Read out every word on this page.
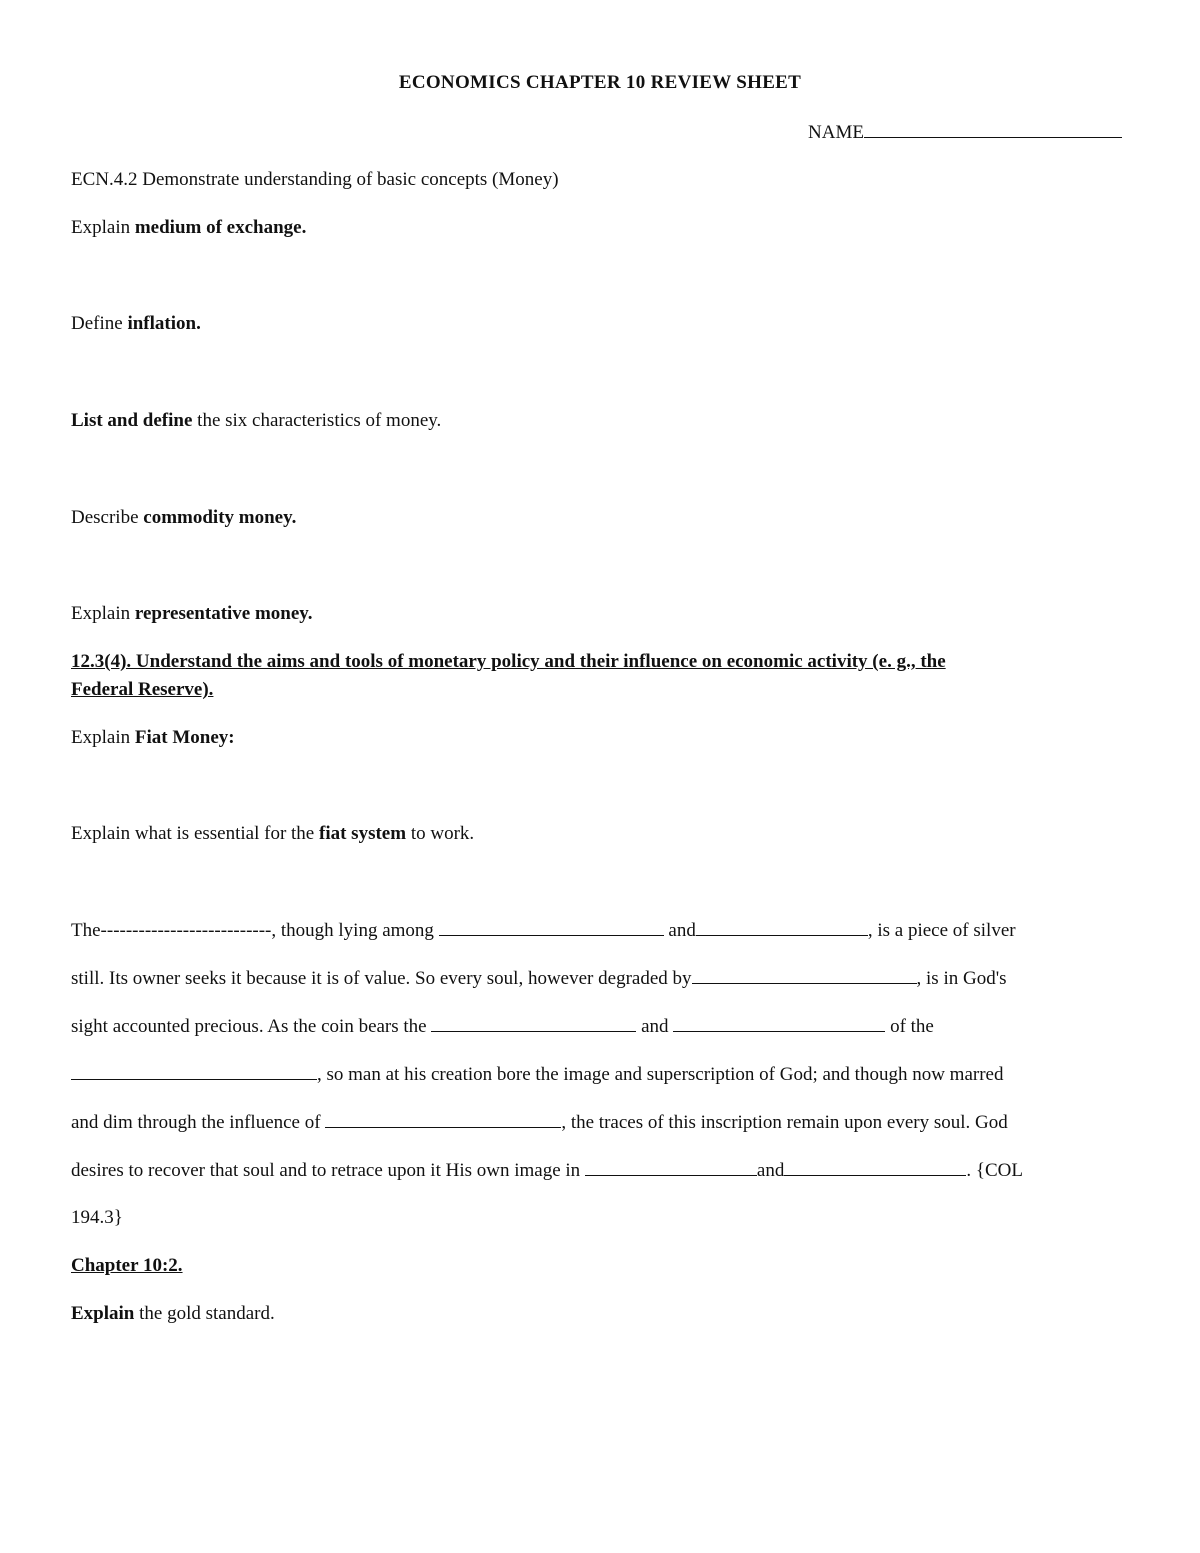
ECONOMICS CHAPTER 10 REVIEW SHEET
NAME
ECN.4.2 Demonstrate understanding of basic concepts (Money)
Explain medium of exchange.
Define inflation.
List and define the six characteristics of money.
Describe commodity money.
Explain representative money.
12.3(4). Understand the aims and tools of monetary policy and their influence on economic activity (e. g., the
Federal Reserve).
Explain Fiat Money:
Explain what is essential for the fiat system to work.
The---------------------------, though lying among	and	, is a piece of silver
still. Its owner seeks it because it is of value. So every soul, however degraded by	, is in God's
sight accounted precious. As the coin bears the	and	of the
, so man at his creation bore the image and superscription of God; and though now marred
and dim through the influence of	, the traces of this inscription remain upon every soul. God
desires to recover that soul and to retrace upon it His own image in	and	. {COL
194.3}
Chapter 10:2.
Explain the gold standard.
